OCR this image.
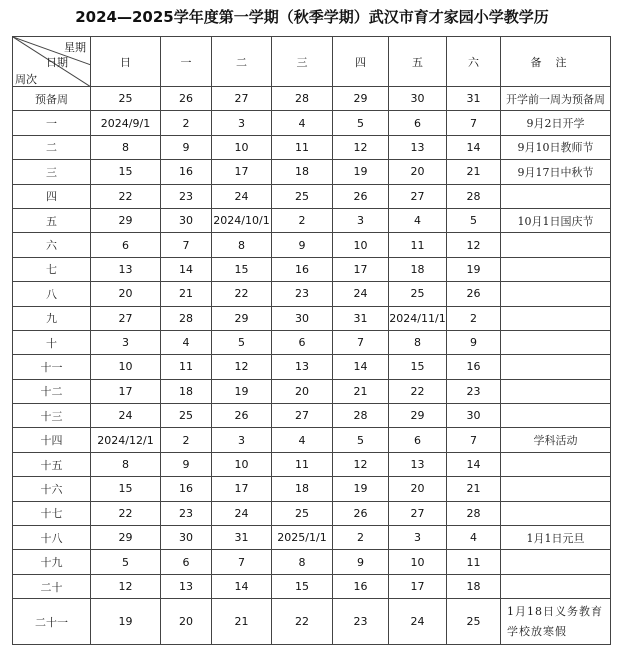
2024—2025学年度第一学期（秋季学期）武汉市育才家园小学教学历
星期
日期
周次	日	一	二	三	四	五	六	备注
预备周	25	26	27	28	29	30	31	开学前一周为预备周
一	2024/9/1	2	3	4	5	6	7	9月2日开学
二	8	9	10	11	12	13	14	9月10日教师节
三	15	16	17	18	19	20	21	9月17日中秋节
四	22	23	24	25	26	27	28	
五	29	30	2024/10/1	2	3	4	5	10月1日国庆节
六	6	7	8	9	10	11	12	
七	13	14	15	16	17	18	19	
八	20	21	22	23	24	25	26	
九	27	28	29	30	31	2024/11/1	2	
十	3	4	5	6	7	8	9	
十一	10	11	12	13	14	15	16	
十二	17	18	19	20	21	22	23	
十三	24	25	26	27	28	29	30	
十四	2024/12/1	2	3	4	5	6	7	学科活动
十五	8	9	10	11	12	13	14	
十六	15	16	17	18	19	20	21	
十七	22	23	24	25	26	27	28	
十八	29	30	31	2025/1/1	2	3	4	1月1日元旦
十九	5	6	7	8	9	10	11	
二十	12	13	14	15	16	17	18	
二十一	19	20	21	22	23	24	25	1月18日义务教育学校放寒假
